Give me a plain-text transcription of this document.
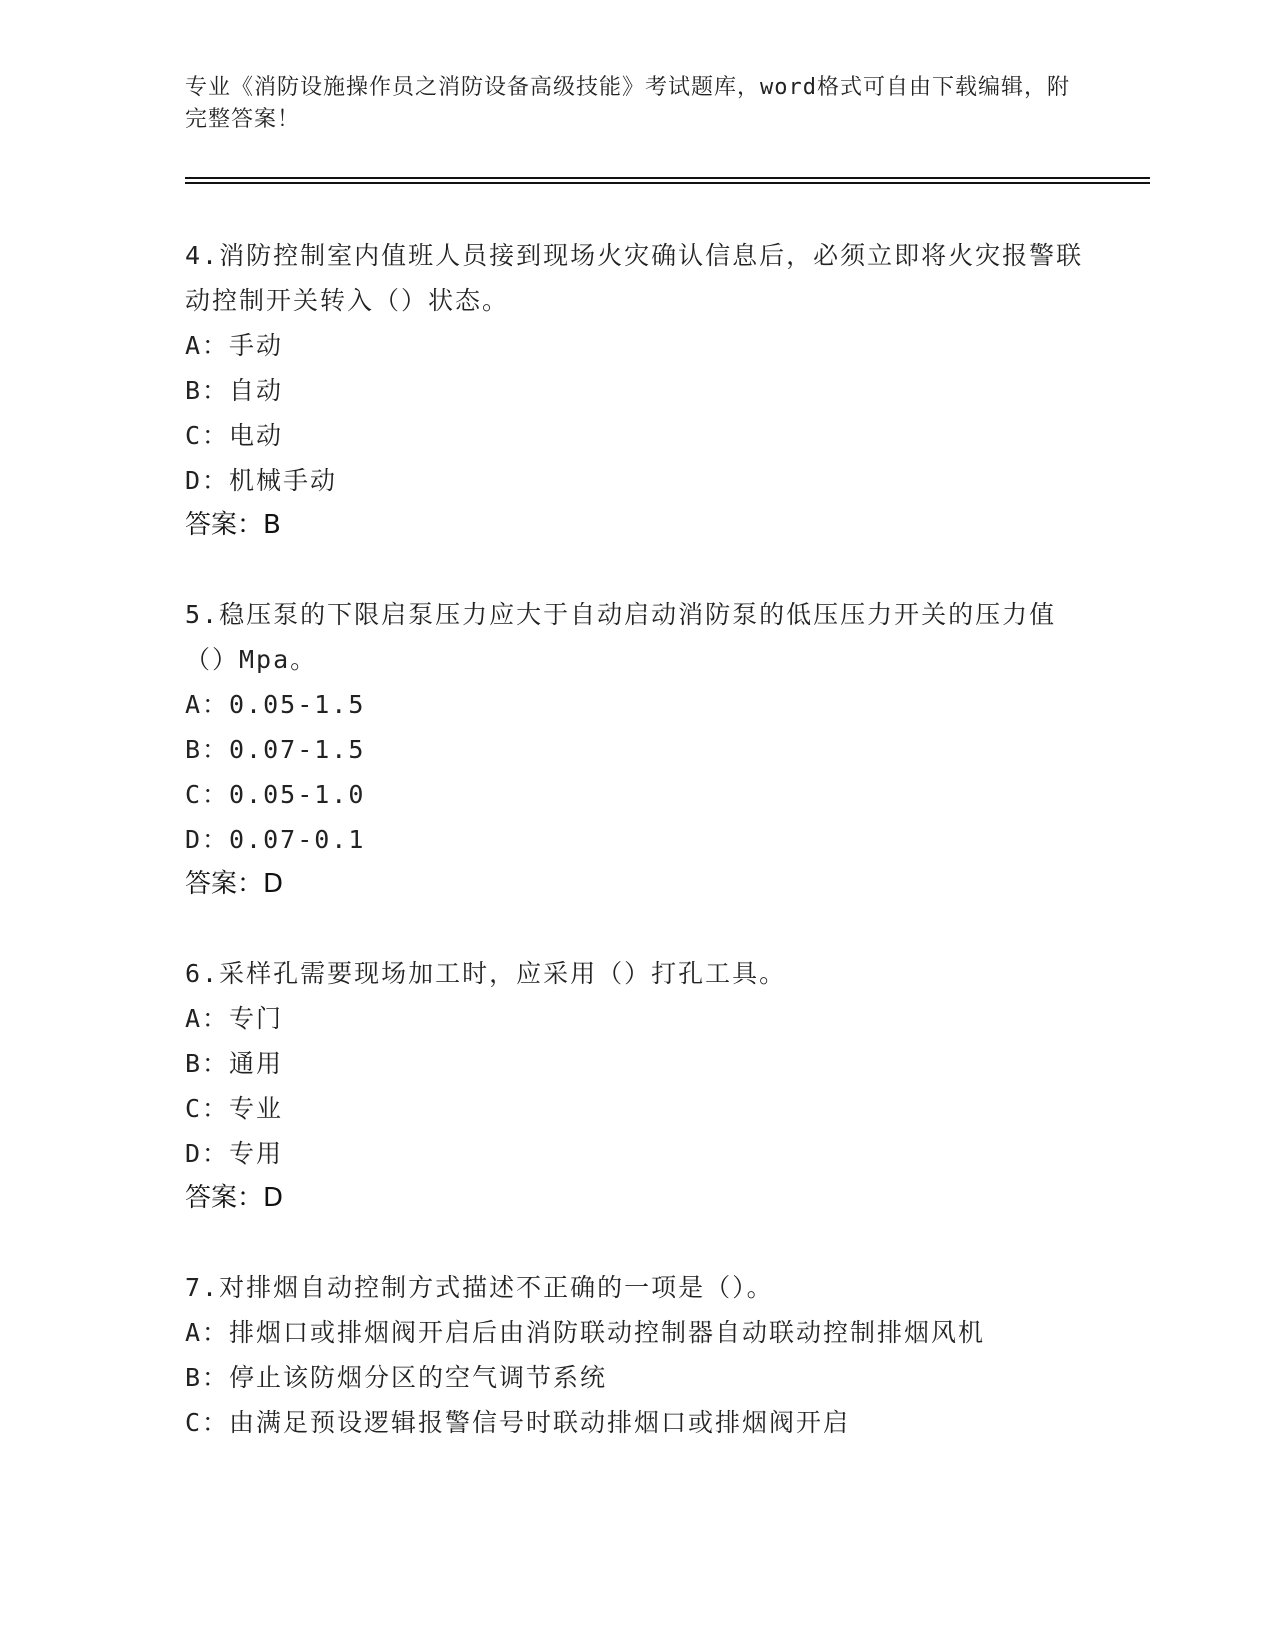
专业《消防设施操作员之消防设备高级技能》考试题库，word格式可自由下载编辑，附完整答案！
4.消防控制室内值班人员接到现场火灾确认信息后，必须立即将火灾报警联动控制开关转入（）状态。
A：手动
B：自动
C：电动
D：机械手动
答案：B
5.稳压泵的下限启泵压力应大于自动启动消防泵的低压压力开关的压力值（）Mpa。
A：0.05-1.5
B：0.07-1.5
C：0.05-1.0
D：0.07-0.1
答案：D
6.采样孔需要现场加工时，应采用（）打孔工具。
A：专门
B：通用
C：专业
D：专用
答案：D
7.对排烟自动控制方式描述不正确的一项是（）。
A：排烟口或排烟阀开启后由消防联动控制器自动联动控制排烟风机
B：停止该防烟分区的空气调节系统
C：由满足预设逻辑报警信号时联动排烟口或排烟阀开启
